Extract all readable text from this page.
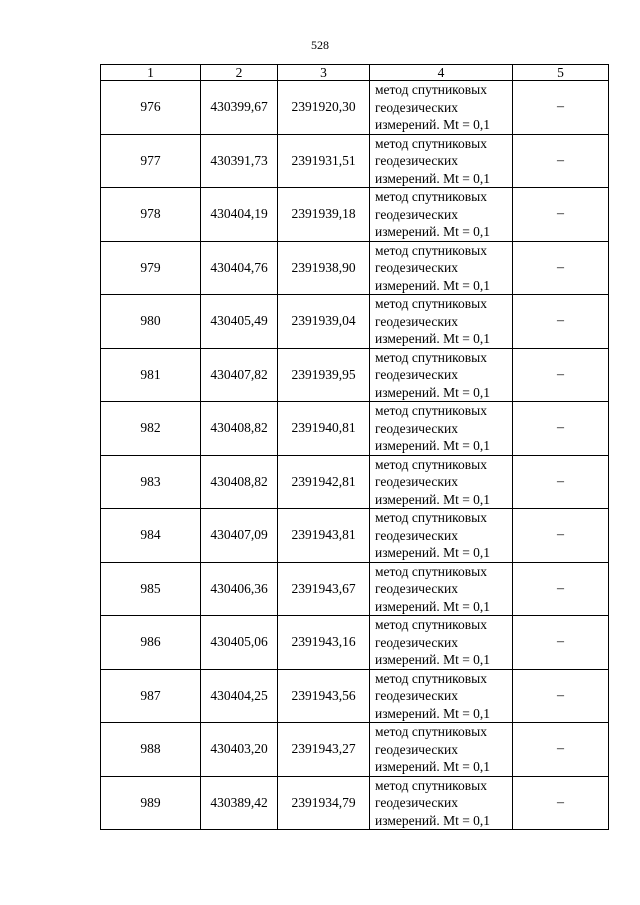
528
1	2	3	4	5
976	430399,67	2391920,30	метод спутниковых
геодезических
измерений. Mt = 0,1	–
977	430391,73	2391931,51	метод спутниковых
геодезических
измерений. Mt = 0,1	–
978	430404,19	2391939,18	метод спутниковых
геодезических
измерений. Mt = 0,1	–
979	430404,76	2391938,90	метод спутниковых
геодезических
измерений. Mt = 0,1	–
980	430405,49	2391939,04	метод спутниковых
геодезических
измерений. Mt = 0,1	–
981	430407,82	2391939,95	метод спутниковых
геодезических
измерений. Mt = 0,1	–
982	430408,82	2391940,81	метод спутниковых
геодезических
измерений. Mt = 0,1	–
983	430408,82	2391942,81	метод спутниковых
геодезических
измерений. Mt = 0,1	–
984	430407,09	2391943,81	метод спутниковых
геодезических
измерений. Mt = 0,1	–
985	430406,36	2391943,67	метод спутниковых
геодезических
измерений. Mt = 0,1	–
986	430405,06	2391943,16	метод спутниковых
геодезических
измерений. Mt = 0,1	–
987	430404,25	2391943,56	метод спутниковых
геодезических
измерений. Mt = 0,1	–
988	430403,20	2391943,27	метод спутниковых
геодезических
измерений. Mt = 0,1	–
989	430389,42	2391934,79	метод спутниковых
геодезических
измерений. Mt = 0,1	–
